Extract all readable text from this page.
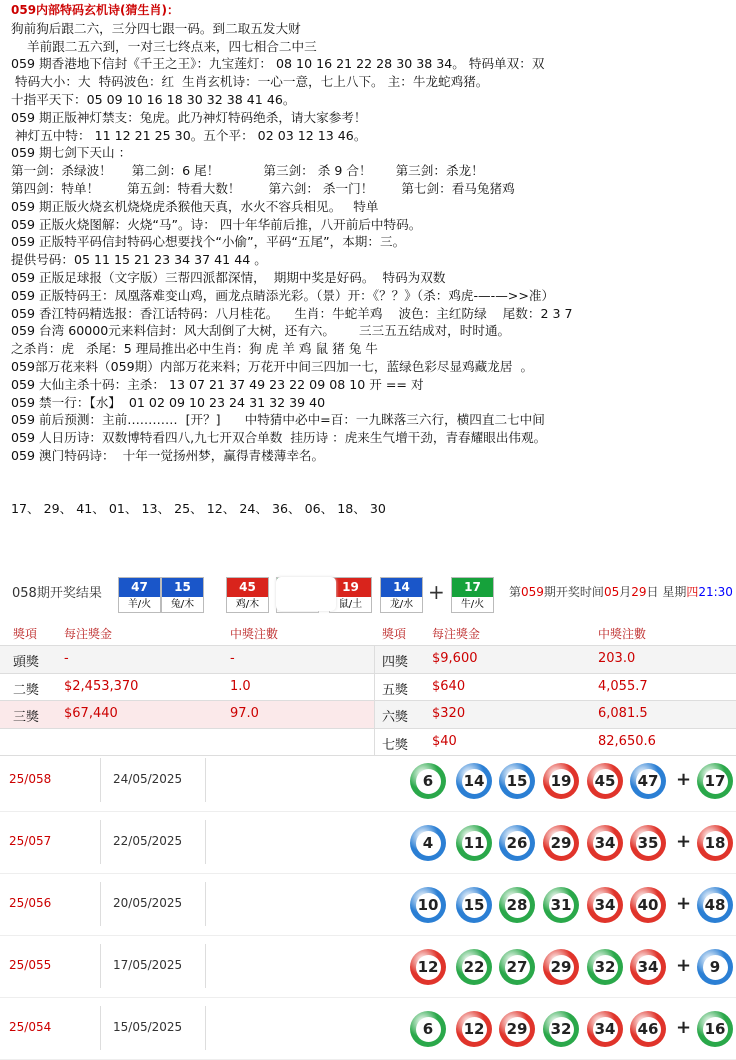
059内部特码玄机诗(猜生肖)：
狗前狗后跟二六，三分四七跟一码。到二取五发大财
羊前跟二五六到，一对三七终点来，四七相合二中三
059 期香港地下信封《千王之王》：九宝莲灯： 08 10 16 21 22 28 30 38 34。 特码单双：双
特码大小：大  特码波色：红  生肖玄机诗：一心一意，七上八下。 主：牛龙蛇鸡猪。
十指平天下：05 09 10 16 18 30 32 38 41 46。
059 期正版神灯禁支：兔虎。此乃神灯特码绝杀，请大家参考！
神灯五中特： 11 12 21 25 30。五个平： 02 03 12 13 46。
059 期七剑下天山 ：
第一剑：杀绿波！     第二剑：6 尾！           第三剑： 杀 9 合！      第三剑：杀龙！
第四剑：特单！       第五剑：特看大数！       第六剑： 杀一门！       第七剑：看马兔猪鸡
059 期正版火烧玄机烧烧虎杀猴他天真，水火不容兵相见。   特单
059 正版火烧图解：火烧“马”。诗： 四十年华前后推，八开前后中特码。
059 正版特平码信封特码心想要找个“小偷”，平码“五尾”，本期：三。
提供号码：05 11 15 21 23 34 37 41 44 。
059 正版足球报（文字版）三帮四派都深情，  期期中奖是好码。  特码为双数
059 正版特码王：凤凰落难变山鸡，画龙点睛添光彩。（景）开：《？？》（杀：鸡虎-—-—>>准）
059 香江特码精选报：香江话特码：八月桂花。    生肖：牛蛇羊鸡    波色：主红防绿    尾数：2 3 7
059 台湾 60000元来料信封：风大刮倒了大树，还有六。      三三五五结成对，时时通。
之杀肖：虎   杀尾：5 理局推出必中生肖：狗 虎 羊 鸡 鼠 猪 兔 牛
059部万花来料（059期）内部万花来料；万花开中间三四加一七，蓝绿色彩尽显鸡藏龙居  。
059 大仙主杀十码：主杀： 13 07 21 37 49 23 22 09 08 10 开 == 对
059 禁一行：【水】  01 02 09 10 23 24 31 32 39 40
059 前后预测：主前…………  [开？]      中特猜中必中=百：一九眯落三六行，横四直二七中间
059 人日历诗：双数博特看四八,九七开双合单数  挂历诗 ：虎来生气增干劲，青春耀眼出伟观。
059 澳门特码诗：  十年一觉扬州梦，赢得青楼薄幸名。

17、 29、 41、 01、 13、 25、 12、 24、 36、 06、 18、 30
058期开奖结果	47
羊/火
15
兔/木
45
鸡/木
19
鼠/土
14
龙/水
+	17
牛/火
第059期开奖时间05月29日 星期四21:30
獎項 每注獎金	中獎注數	獎項 每注獎金	中獎注數
頭獎 -	-	四獎 $9,600	203.0
二獎 $2,453,370	1.0	五獎 $640	4,055.7
三獎 $67,440	97.0	六獎 $320	6,081.5
七獎 $40	82,650.6
25/058	24/05/2025	6	14 15 19 45 47 + 17
25/057	22/05/2025	4	11 26 29 34 35 + 18
25/056	20/05/2025	10 15 28 31 34 40 + 48
25/055	17/05/2025	12 22 27 29 32 34 +	9
25/054	15/05/2025	6	12 29 32 34 46 + 16
